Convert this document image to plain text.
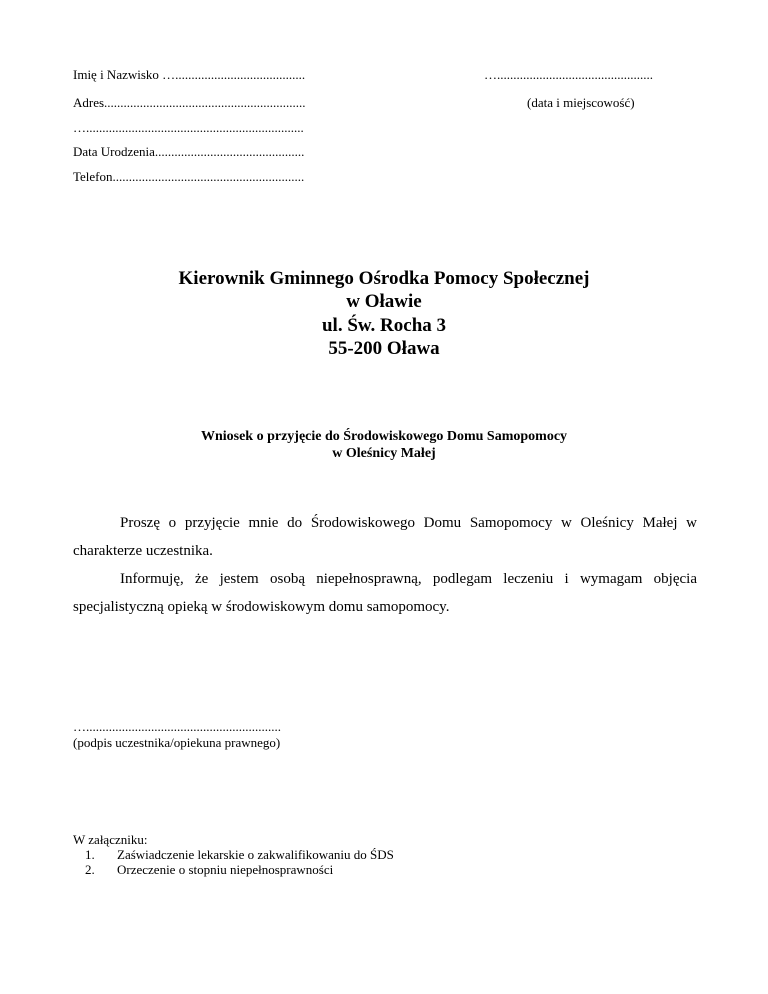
Imię i Nazwisko …........................................
Adres..............................................................
…...................................................................
Data Urodzenia..............................................
Telefon...........................................................
…................................................
(data i miejscowość)
Kierownik Gminnego Ośrodka Pomocy Społecznej
w Oławie
ul. Św. Rocha 3
55-200 Oława
Wniosek o przyjęcie do Środowiskowego Domu Samopomocy
w Oleśnicy Małej

Proszę o przyjęcie mnie do Środowiskowego Domu Samopomocy w Oleśnicy Małej w charakterze uczestnika.

Informuję, że jestem osobą niepełnosprawną, podlegam leczeniu i wymagam objęcia specjalistyczną opieką w środowiskowym domu samopomocy.

…............................................................
(podpis uczestnika/opiekuna prawnego)
W załączniku:
1. Zaświadczenie lekarskie o zakwalifikowaniu do ŚDS
2. Orzeczenie o stopniu niepełnosprawności
